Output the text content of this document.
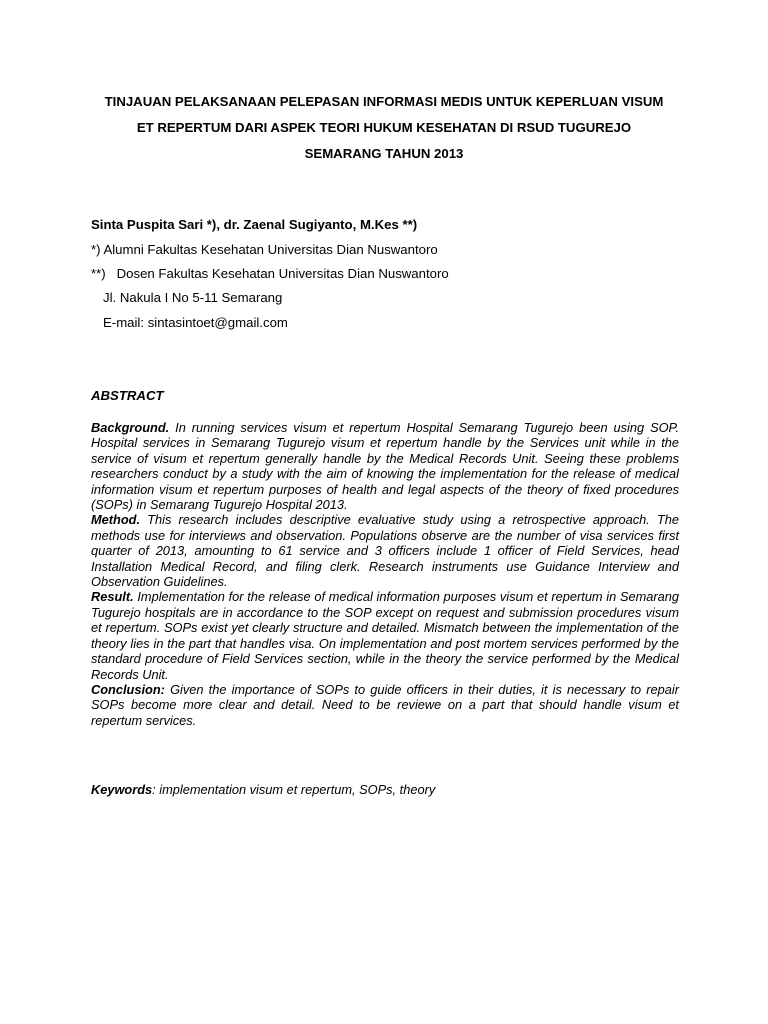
TINJAUAN PELAKSANAAN PELEPASAN INFORMASI MEDIS UNTUK KEPERLUAN VISUM
ET REPERTUM DARI ASPEK TEORI HUKUM KESEHATAN DI RSUD TUGUREJO
SEMARANG TAHUN 2013
Sinta Puspita Sari *), dr. Zaenal Sugiyanto, M.Kes **)
*) Alumni Fakultas Kesehatan Universitas Dian Nuswantoro
**)   Dosen Fakultas Kesehatan Universitas Dian Nuswantoro
Jl. Nakula I No 5-11 Semarang
E-mail: sintasintoet@gmail.com
ABSTRACT

Background. In running services visum et repertum Hospital Semarang Tugurejo been using SOP. Hospital services in Semarang Tugurejo visum et repertum handle by the Services unit while in the service of visum et repertum generally handle by the Medical Records Unit. Seeing these problems researchers conduct by a study with the aim of knowing the implementation for the release of medical information visum et repertum purposes of health and legal aspects of the theory of fixed procedures (SOPs) in Semarang Tugurejo Hospital 2013.

Method. This research includes descriptive evaluative study using a retrospective approach. The methods use for interviews and observation. Populations observe are the number of visa services first quarter of 2013, amounting to 61 service and 3 officers include 1 officer of Field Services, head Installation Medical Record, and filing clerk. Research instruments use Guidance Interview and Observation Guidelines.

Result. Implementation for the release of medical information purposes visum et repertum in Semarang Tugurejo hospitals are in accordance to the SOP except on request and submission procedures visum et repertum. SOPs exist yet clearly structure and detailed. Mismatch between the implementation of the theory lies in the part that handles visa. On implementation and post mortem services performed by the standard procedure of Field Services section, while in the theory the service performed by the Medical Records Unit.

Conclusion: Given the importance of SOPs to guide officers in their duties, it is necessary to repair SOPs become more clear and detail. Need to be reviewe on a part that should handle visum et repertum services.

Keywords: implementation visum et repertum, SOPs, theory
